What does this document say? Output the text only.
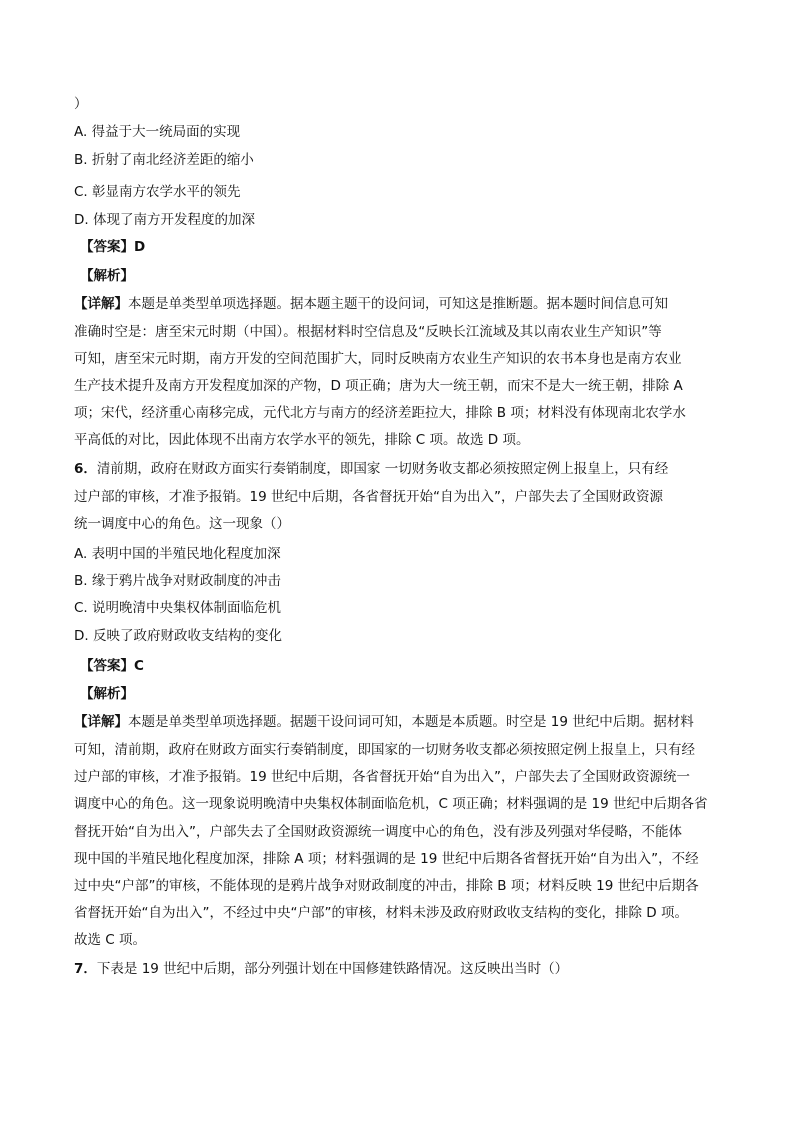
）
A. 得益于大一统局面的实现
B. 折射了南北经济差距的缩小
C. 彰显南方农学水平的领先
D. 体现了南方开发程度的加深
【答案】D
【解析】
【详解】本题是单类型单项选择题。据本题主题干的设问词，可知这是推断题。据本题时间信息可知
准确时空是：唐至宋元时期（中国）。根据材料时空信息及“反映长江流域及其以南农业生产知识”等
可知，唐至宋元时期，南方开发的空间范围扩大，同时反映南方农业生产知识的农书本身也是南方农业
生产技术提升及南方开发程度加深的产物，D 项正确；唐为大一统王朝，而宋不是大一统王朝，排除 A
项；宋代，经济重心南移完成，元代北方与南方的经济差距拉大，排除 B 项；材料没有体现南北农学水
平高低的对比，因此体现不出南方农学水平的领先，排除 C 项。故选 D 项。
6．清前期，政府在财政方面实行奏销制度，即国家 一切财务收支都必须按照定例上报皇上，只有经
过户部的审核，才准予报销。19 世纪中后期，各省督抚开始“自为出入”，户部失去了全国财政资源
统一调度中心的角色。这一现象（）
A. 表明中国的半殖民地化程度加深
B. 缘于鸦片战争对财政制度的冲击
C. 说明晚清中央集权体制面临危机
D. 反映了政府财政收支结构的变化
【答案】C
【解析】
【详解】本题是单类型单项选择题。据题干设问词可知，本题是本质题。时空是 19 世纪中后期。据材料
可知，清前期，政府在财政方面实行奏销制度，即国家的一切财务收支都必须按照定例上报皇上，只有经
过户部的审核，才准予报销。19 世纪中后期，各省督抚开始“自为出入”，户部失去了全国财政资源统一
调度中心的角色。这一现象说明晚清中央集权体制面临危机，C 项正确；材料强调的是 19 世纪中后期各省
督抚开始“自为出入”，户部失去了全国财政资源统一调度中心的角色，没有涉及列强对华侵略，不能体
现中国的半殖民地化程度加深，排除 A 项；材料强调的是 19 世纪中后期各省督抚开始“自为出入”，不经
过中央“户部”的审核，不能体现的是鸦片战争对财政制度的冲击，排除 B 项；材料反映 19 世纪中后期各
省督抚开始“自为出入”，不经过中央“户部”的审核，材料未涉及政府财政收支结构的变化，排除 D 项。
故选 C 项。
7．下表是 19 世纪中后期，部分列强计划在中国修建铁路情况。这反映出当时（）
